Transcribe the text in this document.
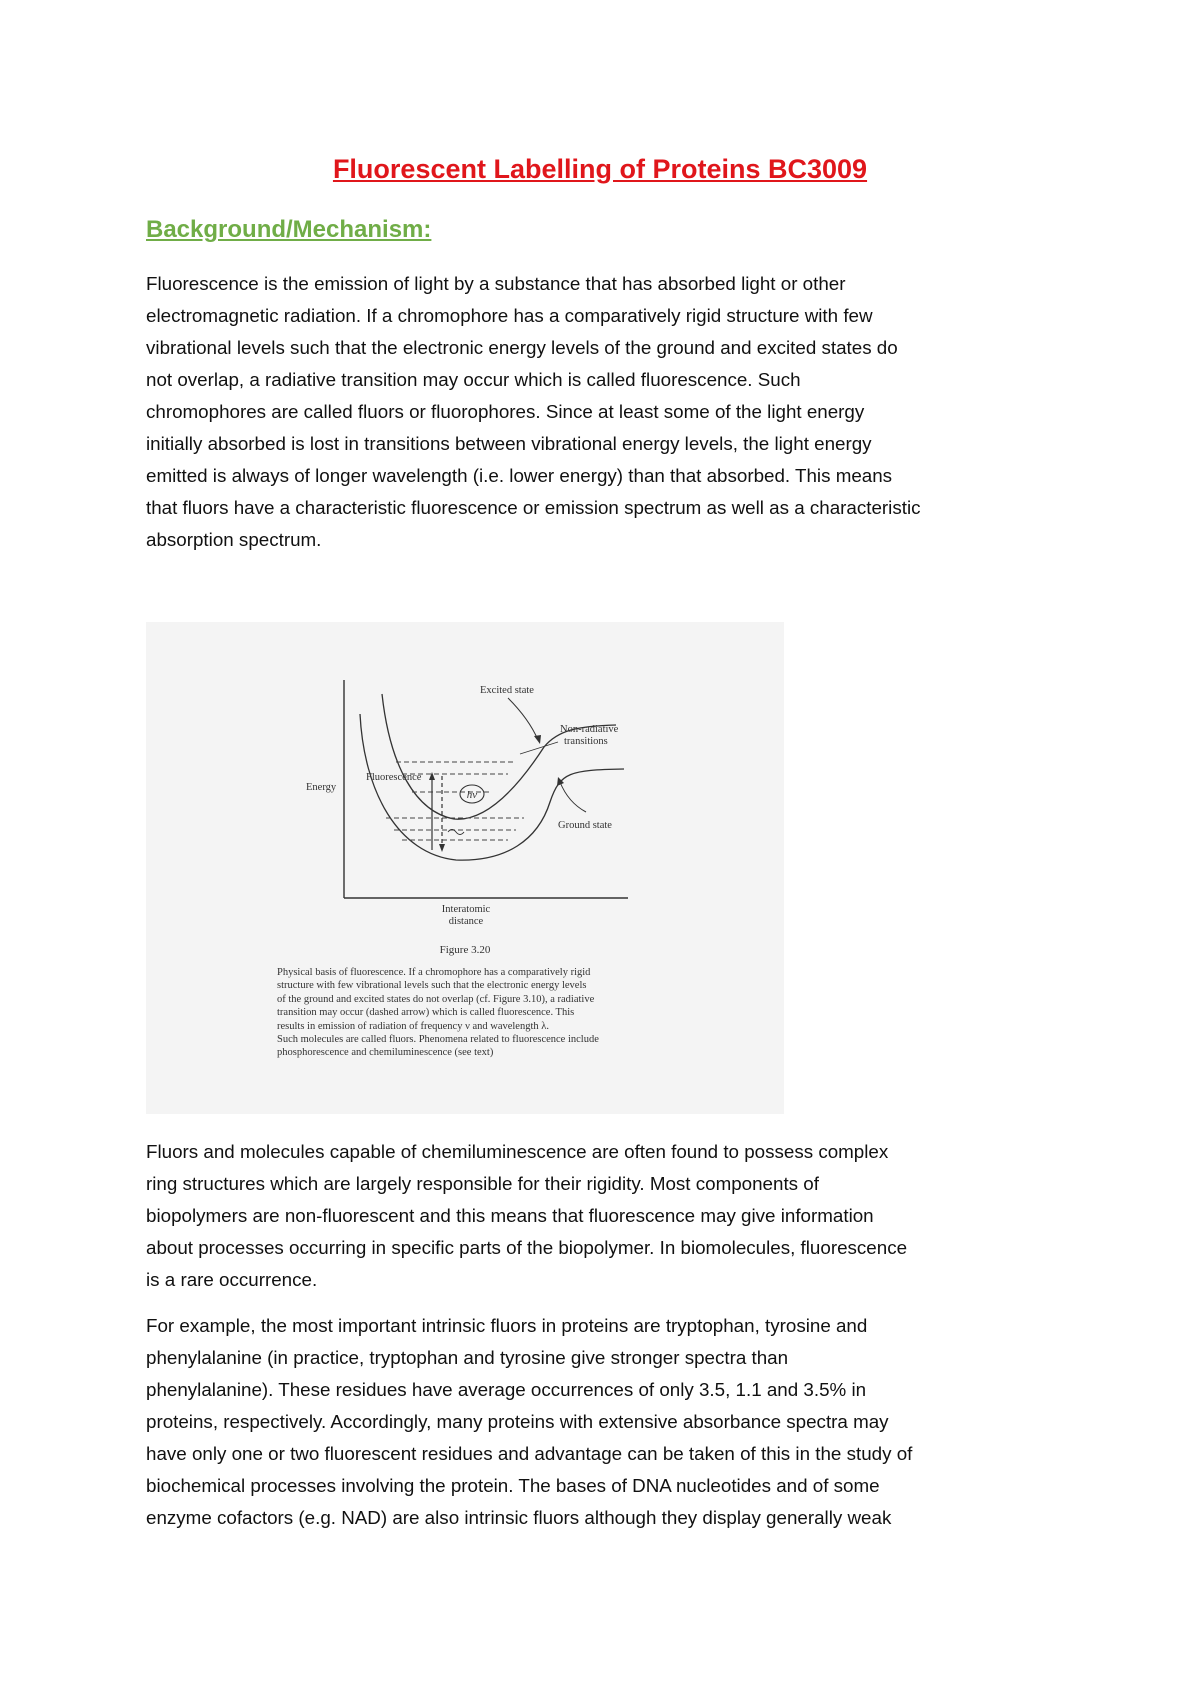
Fluorescent Labelling of Proteins BC3009
Background/Mechanism:

Fluorescence is the emission of light by a substance that has absorbed light or other
electromagnetic radiation. If a chromophore has a comparatively rigid structure with few
vibrational levels such that the electronic energy levels of the ground and excited states do
not overlap, a radiative transition may occur which is called fluorescence. Such
chromophores are called fluors or fluorophores. Since at least some of the light energy
initially absorbed is lost in transitions between vibrational energy levels, the light energy
emitted is always of longer wavelength (i.e. lower energy) than that absorbed. This means
that fluors have a characteristic fluorescence or emission spectrum as well as a characteristic
absorption spectrum.

hν
Excited state
Non-radiative
transitions
Fluorescence
Energy
Ground state
Interatomic
distance
Figure 3.20

Physical basis of fluorescence. If a chromophore has a comparatively rigid
structure with few vibrational levels such that the electronic energy levels
of the ground and excited states do not overlap (cf. Figure 3.10), a radiative
transition may occur (dashed arrow) which is called fluorescence. This
results in emission of radiation of frequency ν and wavelength λ.
Such molecules are called fluors. Phenomena related to fluorescence include
phosphorescence and chemiluminescence (see text)

Fluors and molecules capable of chemiluminescence are often found to possess complex
ring structures which are largely responsible for their rigidity. Most components of
biopolymers are non-fluorescent and this means that fluorescence may give information
about processes occurring in specific parts of the biopolymer. In biomolecules, fluorescence
is a rare occurrence.

For example, the most important intrinsic fluors in proteins are tryptophan, tyrosine and
phenylalanine (in practice, tryptophan and tyrosine give stronger spectra than
phenylalanine). These residues have average occurrences of only 3.5, 1.1 and 3.5% in
proteins, respectively. Accordingly, many proteins with extensive absorbance spectra may
have only one or two fluorescent residues and advantage can be taken of this in the study of
biochemical processes involving the protein. The bases of DNA nucleotides and of some
enzyme cofactors (e.g. NAD) are also intrinsic fluors although they display generally weak
